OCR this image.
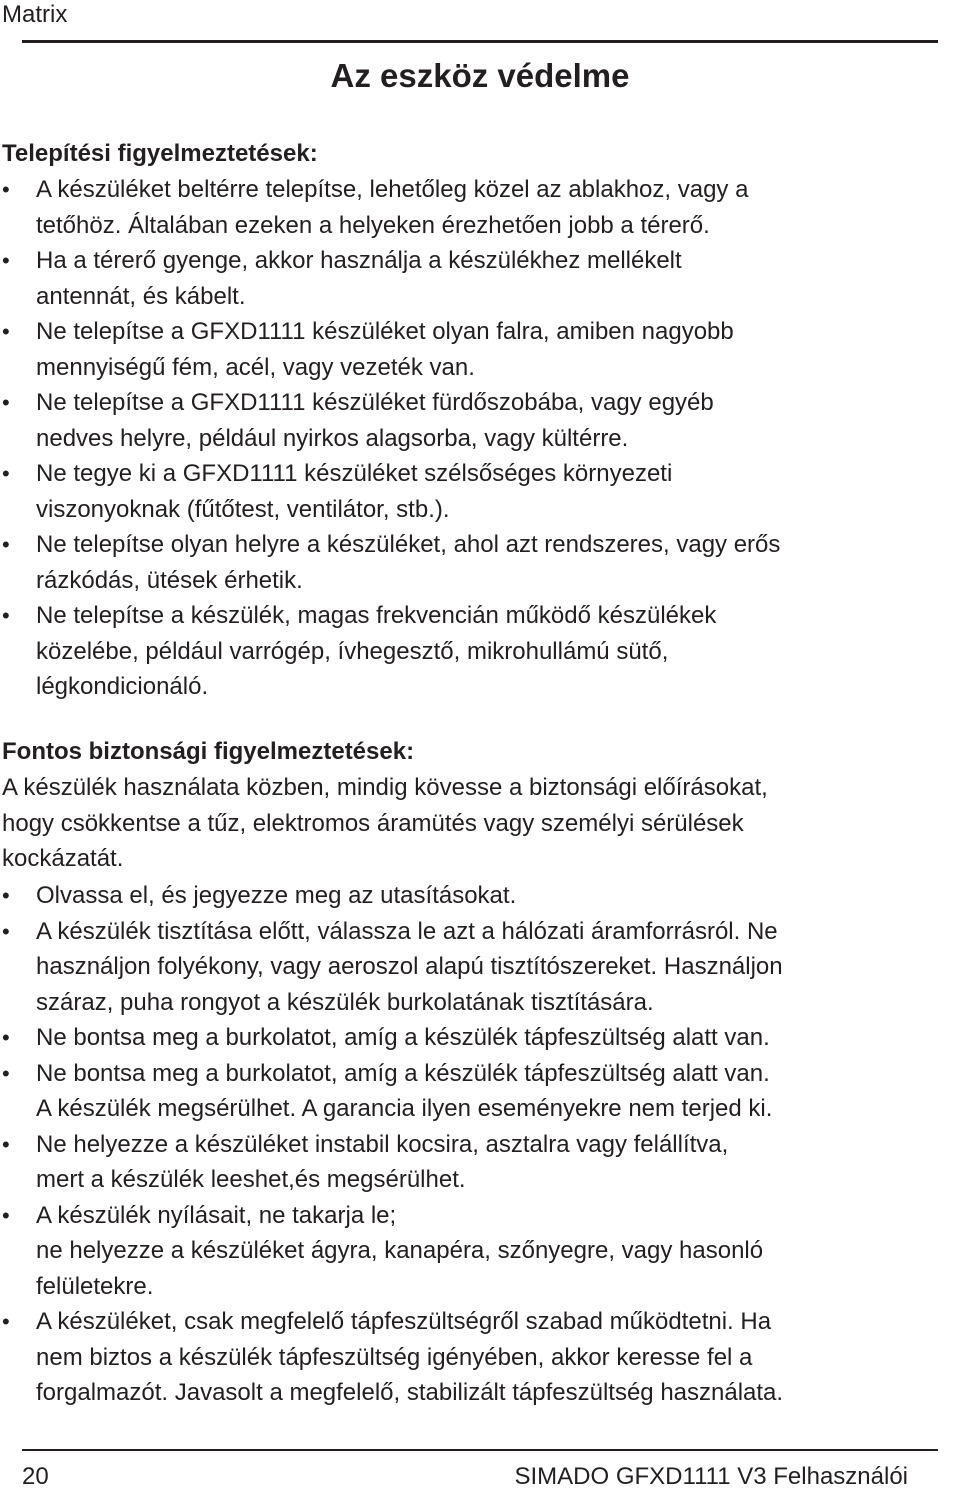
Matrix
Az eszköz védelme
Telepítési figyelmeztetések:
•	A készüléket beltérre telepítse, lehetőleg közel az ablakhoz, vagy a
tetőhöz. Általában ezeken a helyeken érezhetően jobb a térerő.
•	Ha a térerő gyenge, akkor használja a készülékhez mellékelt
antennát, és kábelt.
•	Ne telepítse a GFXD1111 készüléket olyan falra, amiben nagyobb
mennyiségű fém, acél, vagy vezeték van.
•	Ne telepítse a GFXD1111 készüléket fürdőszobába, vagy egyéb
nedves helyre, például nyirkos alagsorba, vagy kültérre.
•	Ne tegye ki a GFXD1111 készüléket szélsőséges környezeti
viszonyoknak (fűtőtest, ventilátor, stb.).
•	Ne telepítse olyan helyre a készüléket, ahol azt rendszeres, vagy erős
rázkódás, ütések érhetik.
•	Ne telepítse a készülék, magas frekvencián működő készülékek
közelébe, például varrógép, ívhegesztő, mikrohullámú sütő,
légkondicionáló.
Fontos biztonsági figyelmeztetések:

A készülék használata közben, mindig kövesse a biztonsági előírásokat,
hogy csökkentse a tűz, elektromos áramütés vagy személyi sérülések
kockázatát.

•	Olvassa el, és jegyezze meg az utasításokat.
•	A készülék tisztítása előtt, válassza le azt a hálózati áramforrásról. Ne
használjon folyékony, vagy aeroszol alapú tisztítószereket. Használjon
száraz, puha rongyot a készülék burkolatának tisztítására.
•	Ne bontsa meg a burkolatot, amíg a készülék tápfeszültség alatt van.
•	Ne bontsa meg a burkolatot, amíg a készülék tápfeszültség alatt van.
A készülék megsérülhet. A garancia ilyen eseményekre nem terjed ki.
•	Ne helyezze a készüléket instabil kocsira, asztalra vagy felállítva,
mert a készülék leeshet,és megsérülhet.
•	A készülék nyílásait, ne takarja le;
ne helyezze a készüléket ágyra, kanapéra, szőnyegre, vagy hasonló
felületekre.
•	A készüléket, csak megfelelő tápfeszültségről szabad működtetni. Ha
nem biztos a készülék tápfeszültség igényében, akkor keresse fel a
forgalmazót. Javasolt a megfelelő, stabilizált tápfeszültség használata.
20	SIMADO GFXD1111 V3 Felhasználói
